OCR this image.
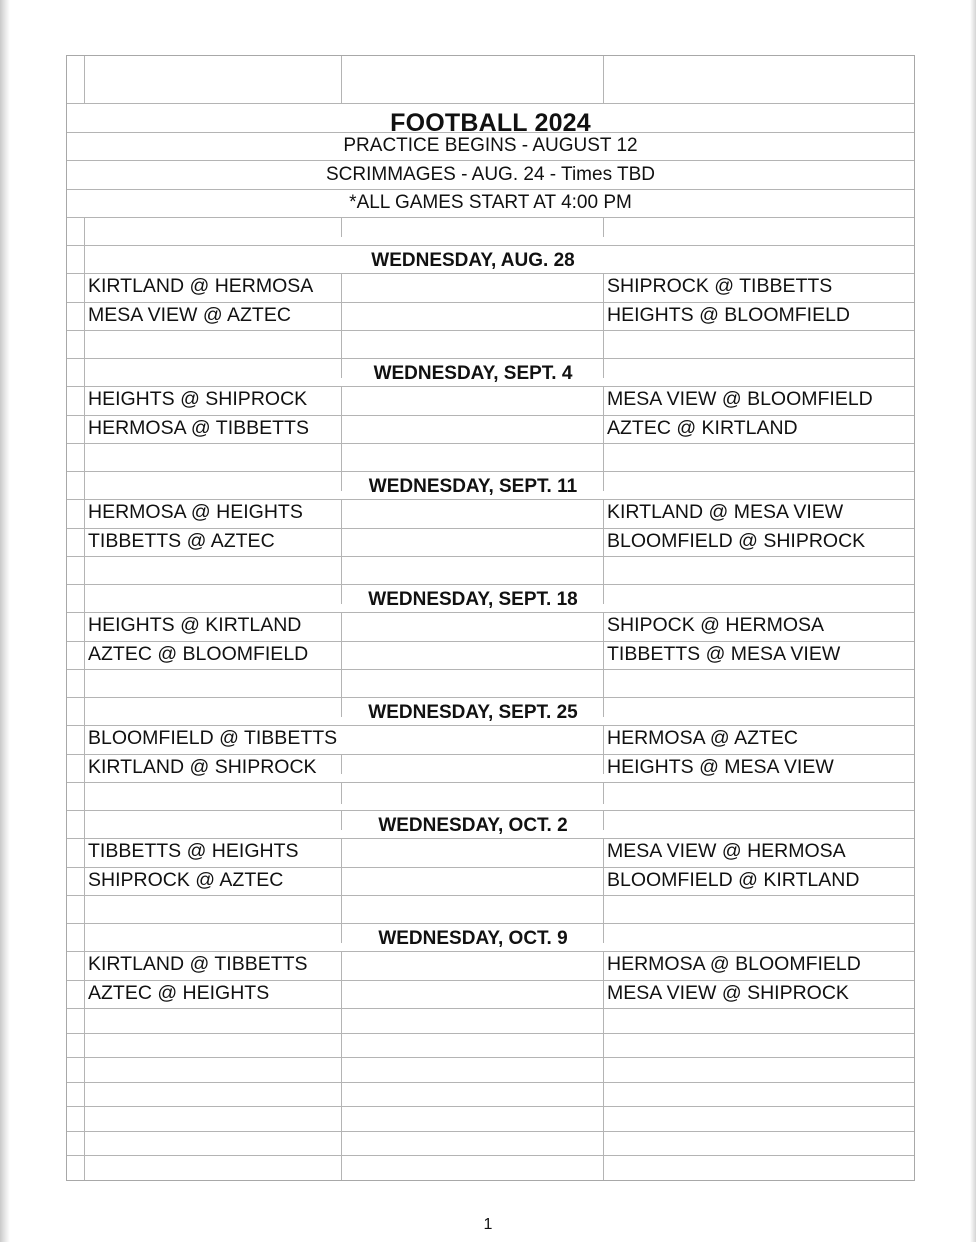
FOOTBALL 2024
PRACTICE BEGINS - AUGUST 12
SCRIMMAGES - AUG. 24 - Times TBD
*ALL GAMES START AT 4:00 PM
WEDNESDAY, AUG. 28
KIRTLAND @ HERMOSA	SHIPROCK @ TIBBETTS
MESA VIEW @ AZTEC	HEIGHTS @ BLOOMFIELD
WEDNESDAY, SEPT. 4
HEIGHTS @ SHIPROCK	MESA VIEW @ BLOOMFIELD
HERMOSA @ TIBBETTS	AZTEC @ KIRTLAND
WEDNESDAY, SEPT. 11
HERMOSA @ HEIGHTS	KIRTLAND @ MESA VIEW
TIBBETTS @ AZTEC	BLOOMFIELD @ SHIPROCK
WEDNESDAY, SEPT. 18
HEIGHTS @ KIRTLAND	SHIPOCK @ HERMOSA
AZTEC @ BLOOMFIELD	TIBBETTS @ MESA VIEW
WEDNESDAY, SEPT. 25
BLOOMFIELD @ TIBBETTS	HERMOSA @ AZTEC
KIRTLAND @ SHIPROCK	HEIGHTS @ MESA VIEW
WEDNESDAY, OCT. 2
TIBBETTS @ HEIGHTS	MESA VIEW @ HERMOSA
SHIPROCK @ AZTEC	BLOOMFIELD @ KIRTLAND
WEDNESDAY, OCT. 9
KIRTLAND @ TIBBETTS	HERMOSA @ BLOOMFIELD
AZTEC @ HEIGHTS	MESA VIEW @ SHIPROCK
1
